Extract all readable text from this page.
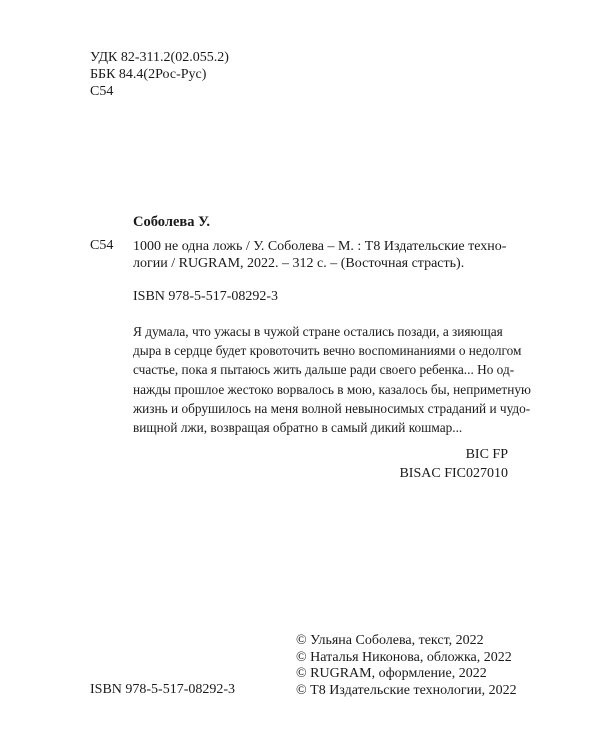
УДК 82-311.2(02.055.2)
ББК 84.4(2Рос-Рус)
С54
Соболева У.
С54 1000 не одна ложь / У. Соболева – М. : Т8 Издательские техно-
логии / RUGRAM, 2022. – 312 с. – (Восточная страсть).
ISBN 978-5-517-08292-3
Я думала, что ужасы в чужой стране остались позади, а зияющая
дыра в сердце будет кровоточить вечно воспоминаниями о недолгом
счастье, пока я пытаюсь жить дальше ради своего ребенка... Но од-
нажды прошлое жестоко ворвалось в мою, казалось бы, неприметную
жизнь и обрушилось на меня волной невыносимых страданий и чудо-
вищной лжи, возвращая обратно в самый дикий кошмар...
BIC FP
BISAC FIC027010
© Ульяна Соболева, текст, 2022
© Наталья Никонова, обложка, 2022
© RUGRAM, оформление, 2022
© Т8 Издательские технологии, 2022
ISBN 978-5-517-08292-3
